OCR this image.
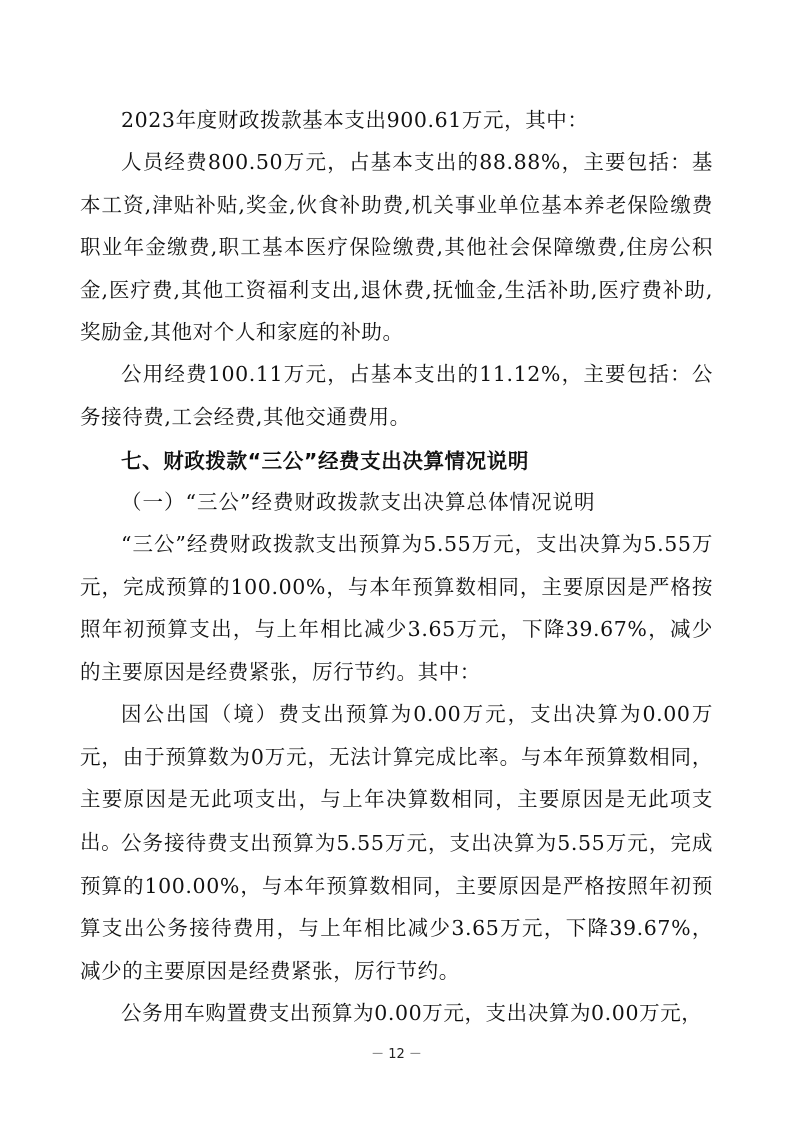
2023年度财政拨款基本支出900.61万元，其中：

人员经费800.50万元，占基本支出的88.88%，主要包括：基本工资,津贴补贴,奖金,伙食补助费,机关事业单位基本养老保险缴费职业年金缴费,职工基本医疗保险缴费,其他社会保障缴费,住房公积金,医疗费,其他工资福利支出,退休费,抚恤金,生活补助,医疗费补助,奖励金,其他对个人和家庭的补助。

公用经费100.11万元，占基本支出的11.12%，主要包括：公务接待费,工会经费,其他交通费用。

七、财政拨款“三公”经费支出决算情况说明

（一）“三公”经费财政拨款支出决算总体情况说明

“三公”经费财政拨款支出预算为5.55万元，支出决算为5.55万元，完成预算的100.00%，与本年预算数相同，主要原因是严格按照年初预算支出，与上年相比减少3.65万元，下降39.67%，减少的主要原因是经费紧张，厉行节约。其中：

因公出国（境）费支出预算为0.00万元，支出决算为0.00万元，由于预算数为0万元，无法计算完成比率。与本年预算数相同，主要原因是无此项支出，与上年决算数相同，主要原因是无此项支出。

公务接待费支出预算为5.55万元，支出决算为5.55万元，完成预算的100.00%，与本年预算数相同，主要原因是严格按照年初预算支出公务接待费用，与上年相比减少3.65万元，下降39.67%，减少的主要原因是经费紧张，厉行节约。

公务用车购置费支出预算为0.00万元，支出决算为0.00万元，

－ 12 －
